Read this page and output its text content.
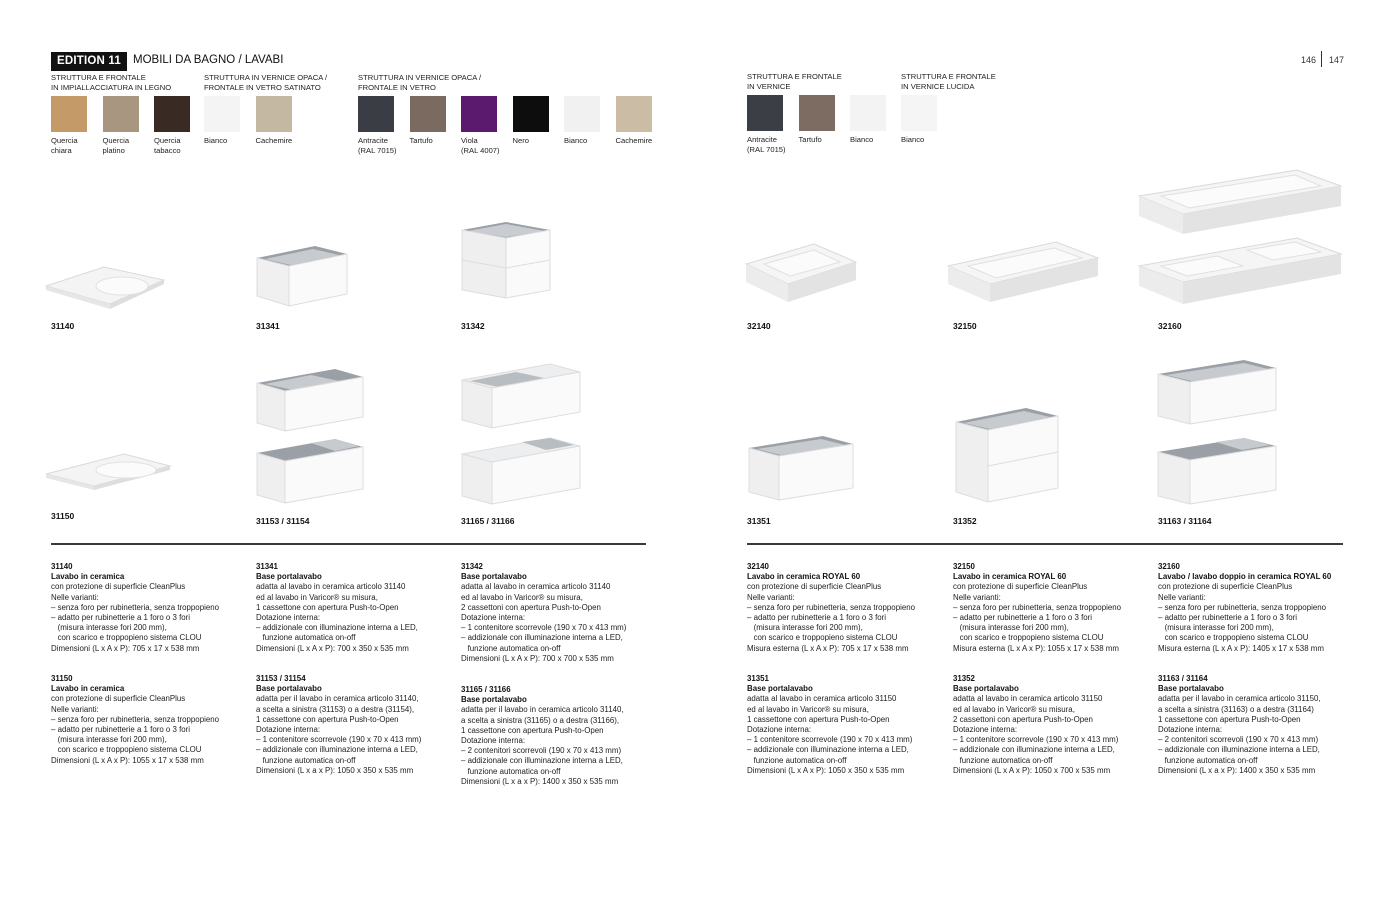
EDITION 11	MOBILI DA BAGNO / LAVABI	146 147
STRUTTURA E FRONTALE
IN IMPIALLACCIATURA IN LEGNO
Quercia
chiara
Quercia
platino
Quercia
tabacco
STRUTTURA IN VERNICE OPACA /
FRONTALE IN VETRO SATINATO
Bianco	Cachemire
STRUTTURA IN VERNICE OPACA /
FRONTALE IN VETRO
Antracite
(RAL 7015)
Tartufo	Viola
(RAL 4007)
Nero	Bianco	Cachemire
STRUTTURA E FRONTALE
IN VERNICE
Antracite
(RAL 7015)
Tartufo	Bianco
STRUTTURA E FRONTALE
IN VERNICE LUCIDA
Bianco
31140	31341	31342	32140	32150	32160
31150	31153 / 31154	31165 / 31166	31351	31352	31163 / 31164
31140
Lavabo in ceramica
con protezione di superficie CleanPlus
Nelle varianti:
– senza foro per rubinetteria, senza troppopieno
– adatto per rubinetterie a 1 foro o 3 fori
(misura interasse fori 200 mm),
con scarico e troppopieno sistema CLOU
Dimensioni (L x A x P): 705 x 17 x 538 mm
31341
Base portalavabo
adatta al lavabo in ceramica articolo 31140
ed al lavabo in Varicor® su misura,
1 cassettone con apertura Push-to-Open
Dotazione interna:
– addizionale con illuminazione interna a LED,
funzione automatica on-off
Dimensioni (L x A x P): 700 x 350 x 535 mm
31342
Base portalavabo
adatta al lavabo in ceramica articolo 31140
ed al lavabo in Varicor® su misura,
2 cassettoni con apertura Push-to-Open
Dotazione interna:
– 1 contenitore scorrevole (190 x 70 x 413 mm)
– addizionale con illuminazione interna a LED,
funzione automatica on-off
Dimensioni (L x A x P): 700 x 700 x 535 mm
32140
Lavabo in ceramica ROYAL 60
con protezione di superficie CleanPlus
Nelle varianti:
– senza foro per rubinetteria, senza troppopieno
– adatto per rubinetterie a 1 foro o 3 fori
(misura interasse fori 200 mm),
con scarico e troppopieno sistema CLOU
Misura esterna (L x A x P): 705 x 17 x 538 mm
32150
Lavabo in ceramica ROYAL 60
con protezione di superficie CleanPlus
Nelle varianti:
– senza foro per rubinetteria, senza troppopieno
– adatto per rubinetterie a 1 foro o 3 fori
(misura interasse fori 200 mm),
con scarico e troppopieno sistema CLOU
Misura esterna (L x A x P): 1055 x 17 x 538 mm
32160
Lavabo / lavabo doppio in ceramica ROYAL 60
con protezione di superficie CleanPlus
Nelle varianti:
– senza foro per rubinetteria, senza troppopieno
– adatto per rubinetterie a 1 foro o 3 fori
(misura interasse fori 200 mm),
con scarico e troppopieno sistema CLOU
Misura esterna (L x A x P): 1405 x 17 x 538 mm
31150
Lavabo in ceramica
con protezione di superficie CleanPlus
Nelle varianti:
– senza foro per rubinetteria, senza troppopieno
– adatto per rubinetterie a 1 foro o 3 fori
(misura interasse fori 200 mm),
con scarico e troppopieno sistema CLOU
Dimensioni (L x A x P): 1055 x 17 x 538 mm
31153 / 31154
Base portalavabo
adatta per il lavabo in ceramica articolo 31140,
a scelta a sinistra (31153) o a destra (31154),
1 cassettone con apertura Push-to-Open
Dotazione interna:
– 1 contenitore scorrevole (190 x 70 x 413 mm)
– addizionale con illuminazione interna a LED,
funzione automatica on-off
Dimensioni (L x a x P): 1050 x 350 x 535 mm
31165 / 31166
Base portalavabo
adatta per il lavabo in ceramica articolo 31140,
a scelta a sinistra (31165) o a destra (31166),
1 cassettone con apertura Push-to-Open
Dotazione interna:
– 2 contenitori scorrevoli (190 x 70 x 413 mm)
– addizionale con illuminazione interna a LED,
funzione automatica on-off
Dimensioni (L x a x P): 1400 x 350 x 535 mm
31351
Base portalavabo
adatta al lavabo in ceramica articolo 31150
ed al lavabo in Varicor® su misura,
1 cassettone con apertura Push-to-Open
Dotazione interna:
– 1 contenitore scorrevole (190 x 70 x 413 mm)
– addizionale con illuminazione interna a LED,
funzione automatica on-off
Dimensioni (L x A x P): 1050 x 350 x 535 mm
31352
Base portalavabo
adatta al lavabo in ceramica articolo 31150
ed al lavabo in Varicor® su misura,
2 cassettoni con apertura Push-to-Open
Dotazione interna:
– 1 contenitore scorrevole (190 x 70 x 413 mm)
– addizionale con illuminazione interna a LED,
funzione automatica on-off
Dimensioni (L x A x P): 1050 x 700 x 535 mm
31163 / 31164
Base portalavabo
adatta per il lavabo in ceramica articolo 31150,
a scelta a sinistra (31163) o a destra (31164)
1 cassettone con apertura Push-to-Open
Dotazione interna:
– 2 contenitori scorrevoli (190 x 70 x 413 mm)
– addizionale con illuminazione interna a LED,
funzione automatica on-off
Dimensioni (L x a x P): 1400 x 350 x 535 mm
